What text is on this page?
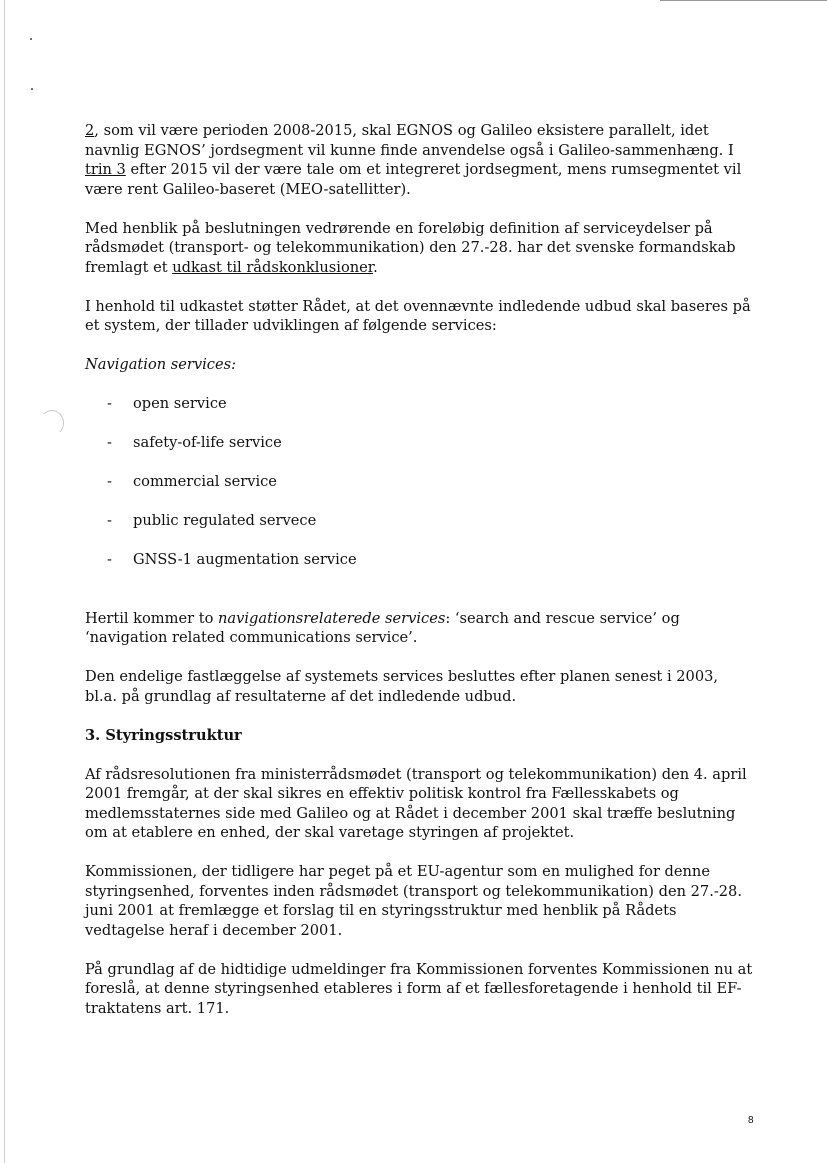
2, som vil være perioden 2008-2015, skal EGNOS og Galileo eksistere parallelt, idet navnlig EGNOS’ jordsegment vil kunne finde anvendelse også i Galileo-sammenhæng. I trin 3 efter 2015 vil der være tale om et integreret jordsegment, mens rumsegmentet vil være rent Galileo-baseret (MEO-satellitter).

Med henblik på beslutningen vedrørende en foreløbig definition af serviceydelser på rådsmødet (transport- og telekommunikation) den 27.-28. har det svenske formandskab fremlagt et udkast til rådskonklusioner.

I henhold til udkastet støtter Rådet, at det ovennævnte indledende udbud skal baseres på et system, der tillader udviklingen af følgende services:

Navigation services:

- open service
- safety-of-life service
- commercial service
- public regulated servece
- GNSS-1 augmentation service

Hertil kommer to navigationsrelaterede services: ‘search and rescue service’ og ‘navigation related communications service’.

Den endelige fastlæggelse af systemets services besluttes efter planen senest i 2003, bl.a. på grundlag af resultaterne af det indledende udbud.

3. Styringsstruktur

Af rådsresolutionen fra ministerrådsmødet (transport og telekommunikation) den 4. april 2001 fremgår, at der skal sikres en effektiv politisk kontrol fra Fællesskabets og medlemsstaternes side med Galileo og at Rådet i december 2001 skal træffe beslutning om at etablere en enhed, der skal varetage styringen af projektet.

Kommissionen, der tidligere har peget på et EU-agentur som en mulighed for denne styringsenhed, forventes inden rådsmødet (transport og telekommunikation) den 27.-28. juni 2001 at fremlægge et forslag til en styringsstruktur med henblik på Rådets vedtagelse heraf i december 2001.

På grundlag af de hidtidige udmeldinger fra Kommissionen forventes Kommissionen nu at foreslå, at denne styringsenhed etableres i form af et fællesforetagende i henhold til EF-traktatens art. 171.

8
